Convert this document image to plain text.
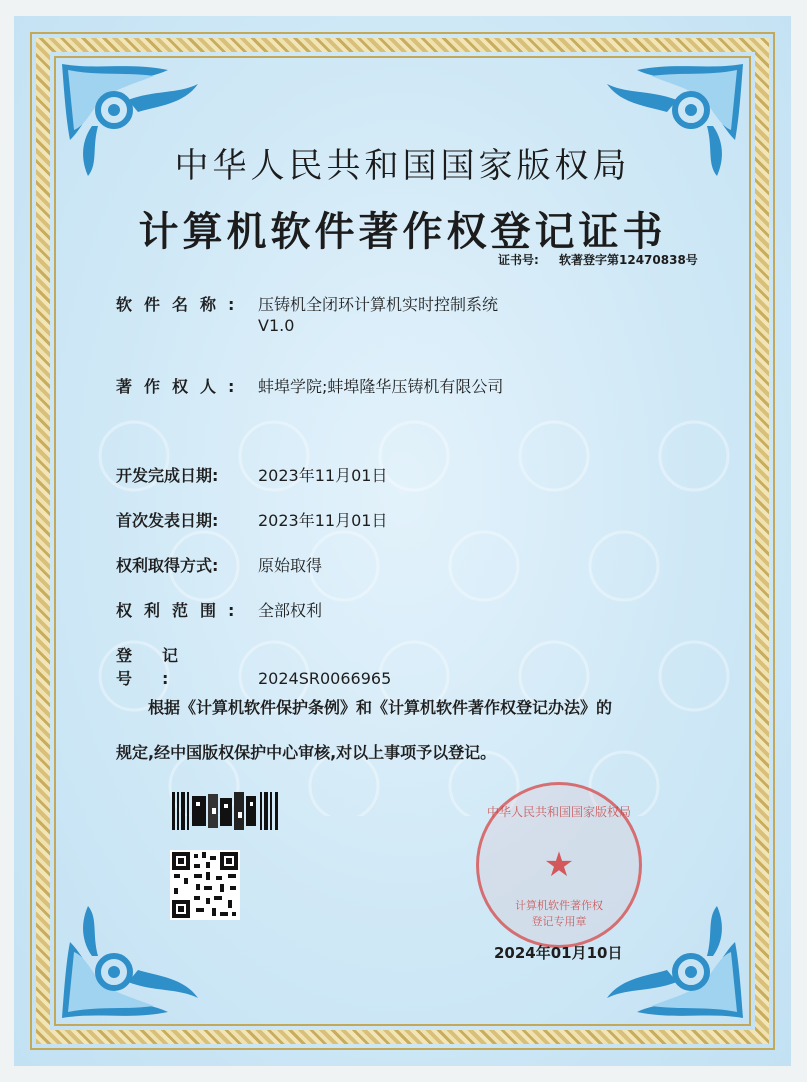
中华人民共和国国家版权局
计算机软件著作权登记证书
证书号: 软著登字第12470838号
软件名称: 压铸机全闭环计算机实时控制系统
V1.0
著作权人: 蚌埠学院;蚌埠隆华压铸机有限公司
开发完成日期: 2023年11月01日
首次发表日期: 2023年11月01日
权利取得方式: 原始取得
权利范围: 全部权利
登记号:	2024SR0066965
根据《计算机软件保护条例》和《计算机软件著作权登记办法》的
规定,经中国版权保护中心审核,对以上事项予以登记。
中华人民共和国国家版权局
★
计算机软件著作权
登记专用章
2024年01月10日
